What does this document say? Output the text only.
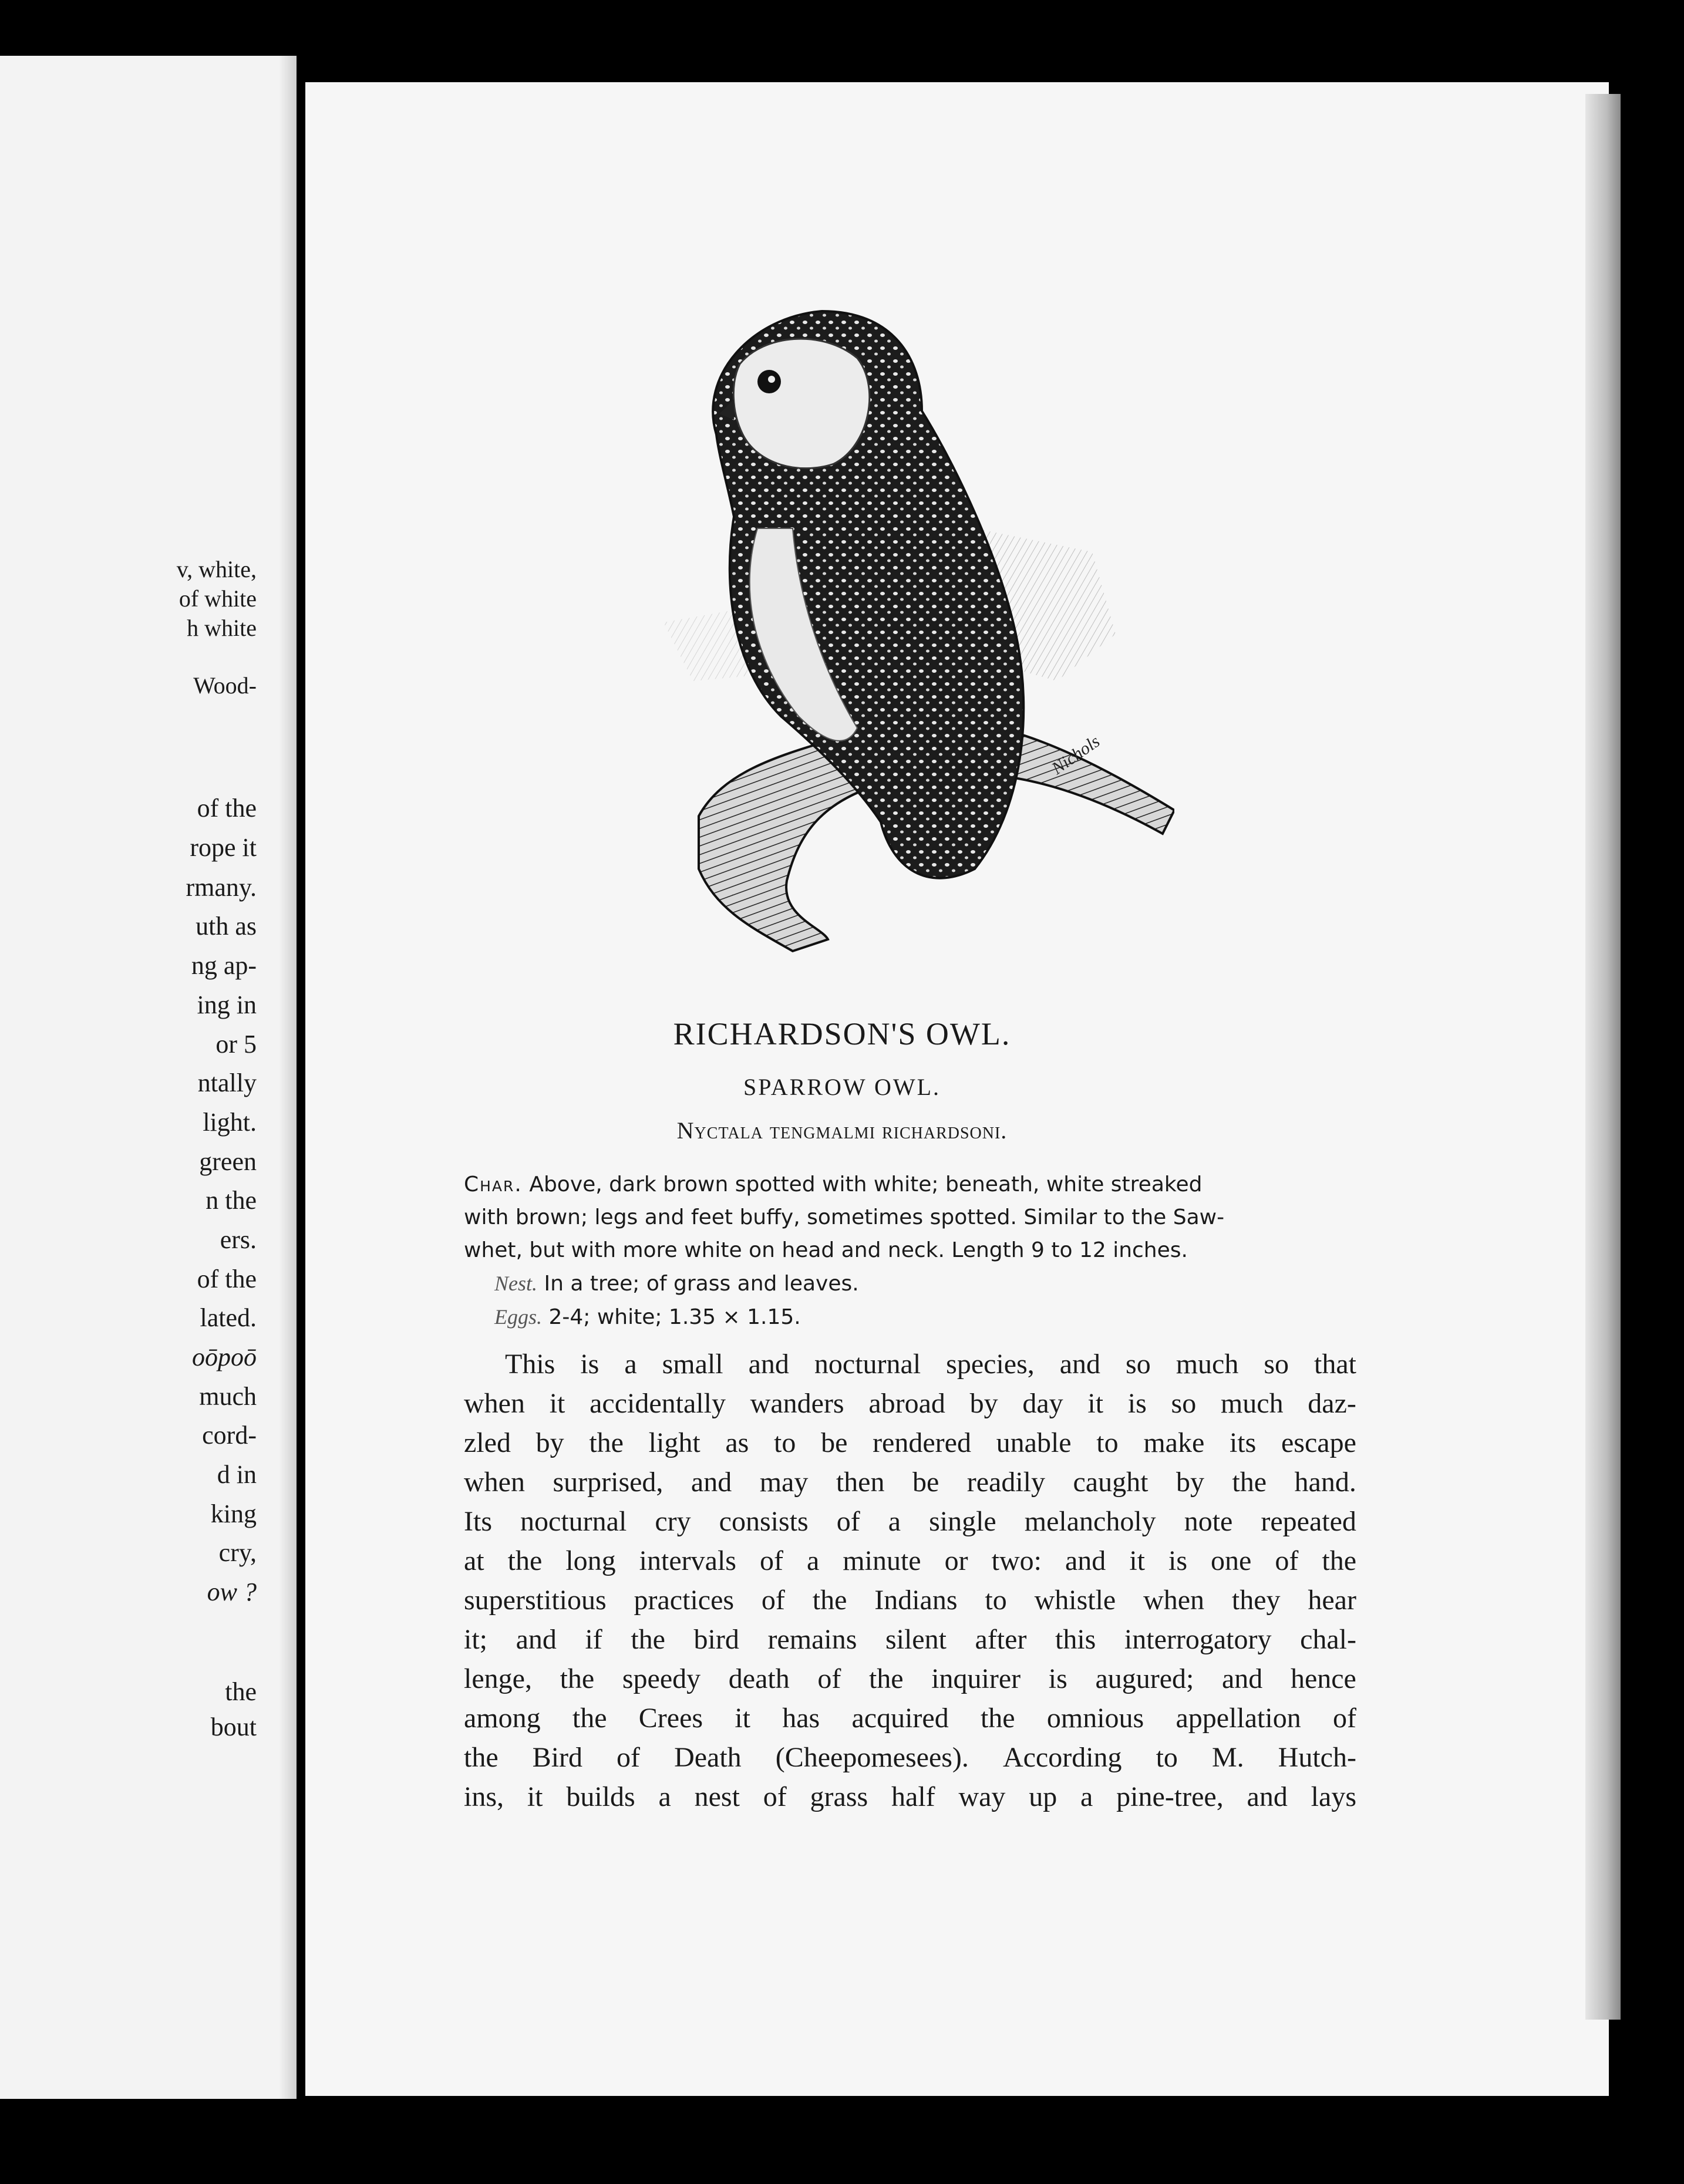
v, white,
of white
h white
Wood-
of the
rope it
rmany.
uth as
ng ap-
ing in
or 5
ntally
light.
green
n the
ers.
of the
lated.
oōpoō
much
cord-
d in
king
cry,
ow ?
the
bout
Nichols
RICHARDSON'S OWL.
SPARROW OWL.
Nyctala tengmalmi richardsoni.
Char. Above, dark brown spotted with white; beneath, white streaked
with brown; legs and feet buffy, sometimes spotted. Similar to the Saw-
whet, but with more white on head and neck. Length 9 to 12 inches.
Nest. In a tree; of grass and leaves.
Eggs. 2-4; white; 1.35 × 1.15.
This is a small and nocturnal species, and so much so that
when it accidentally wanders abroad by day it is so much daz-
zled by the light as to be rendered unable to make its escape
when surprised, and may then be readily caught by the hand.
Its nocturnal cry consists of a single melancholy note repeated
at the long intervals of a minute or two: and it is one of the
superstitious practices of the Indians to whistle when they hear
it; and if the bird remains silent after this interrogatory chal-
lenge, the speedy death of the inquirer is augured; and hence
among the Crees it has acquired the omnious appellation of
the Bird of Death (Cheepomesees). According to M. Hutch-
ins, it builds a nest of grass half way up a pine-tree, and lays
